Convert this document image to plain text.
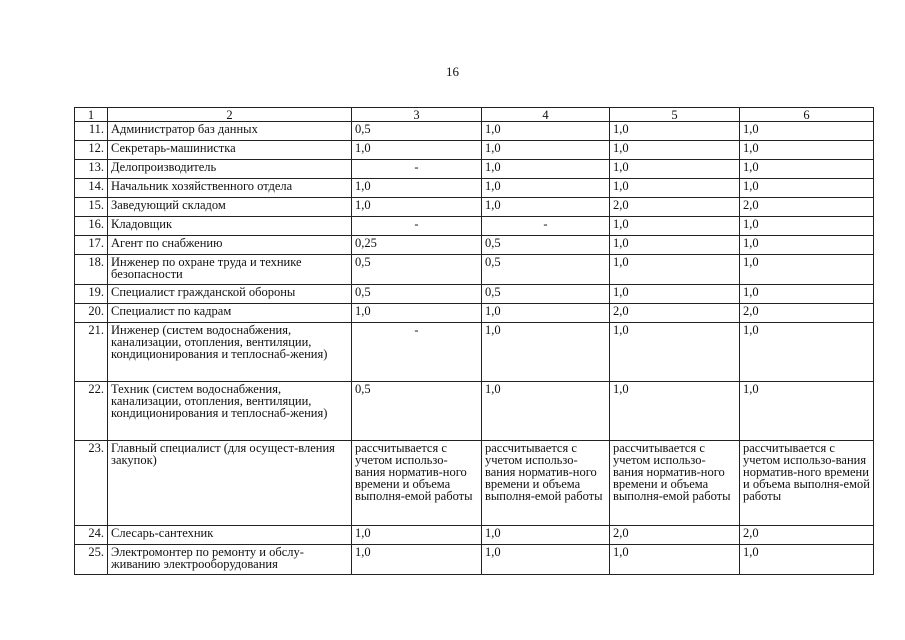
16
1	2	3	4	5	6
11.	Администратор баз данных	0,5	1,0	1,0	1,0
12.	Секретарь-машинистка	1,0	1,0	1,0	1,0
13.	Делопроизводитель	-	1,0	1,0	1,0
14.	Начальник хозяйственного отдела	1,0	1,0	1,0	1,0
15.	Заведующий складом	1,0	1,0	2,0	2,0
16.	Кладовщик	-	-	1,0	1,0
17.	Агент по снабжению	0,25	0,5	1,0	1,0
18.	Инженер по охране труда и технике безопасности	0,5	0,5	1,0	1,0
19.	Специалист гражданской обороны	0,5	0,5	1,0	1,0
20.	Специалист по кадрам	1,0	1,0	2,0	2,0
21.	Инженер (систем водоснабжения, канализации, отопления, вентиляции, кондиционирования и теплоснаб-жения)	-	1,0	1,0	1,0
22.	Техник (систем водоснабжения, канализации, отопления, вентиляции, кондиционирования и теплоснаб-жения)	0,5	1,0	1,0	1,0
23.	Главный специалист (для осущест-вления закупок)	рассчитывается с учетом использо-вания норматив-ного времени и объема выполня-емой работы	рассчитывается с учетом использо-вания норматив-ного времени и объема выполня-емой работы	рассчитывается с учетом использо-вания норматив-ного времени и объема выполня-емой работы	рассчитывается с учетом использо-вания норматив-ного времени и объема выполня-емой работы
24.	Слесарь-сантехник	1,0	1,0	2,0	2,0
25.	Электромонтер по ремонту и обслу-живанию электрооборудования	1,0	1,0	1,0	1,0
